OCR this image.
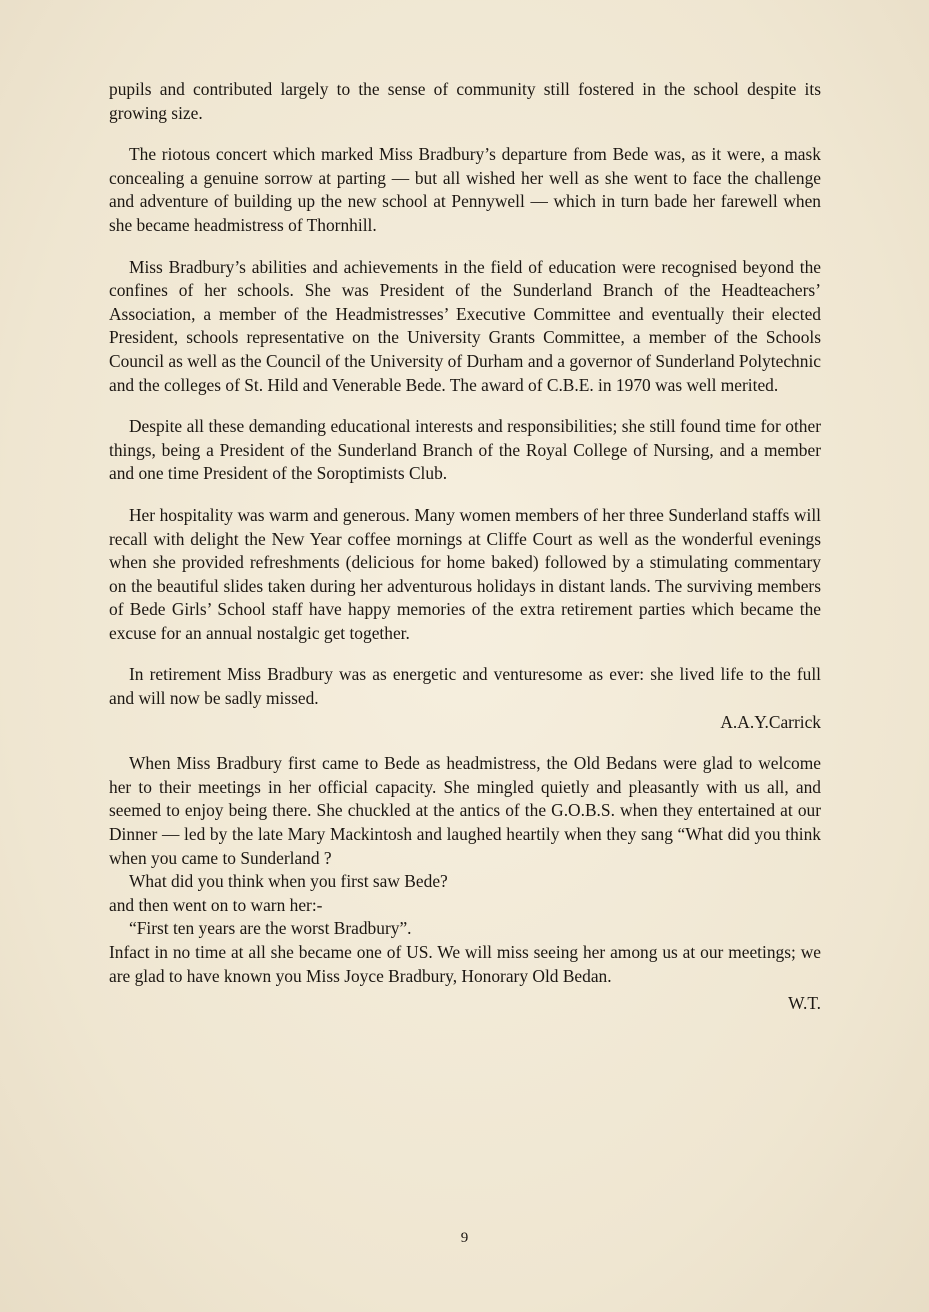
pupils and contributed largely to the sense of community still fostered in the school despite its growing size.

The riotous concert which marked Miss Bradbury’s departure from Bede was, as it were, a mask concealing a genuine sorrow at parting — but all wished her well as she went to face the challenge and adventure of building up the new school at Pennywell — which in turn bade her farewell when she became headmistress of Thornhill.

Miss Bradbury’s abilities and achievements in the field of education were recognised beyond the confines of her schools. She was President of the Sunderland Branch of the Headteachers’ Association, a member of the Headmistresses’ Executive Committee and eventually their elected President, schools representative on the University Grants Committee, a member of the Schools Council as well as the Council of the University of Durham and a governor of Sunderland Polytechnic and the colleges of St. Hild and Venerable Bede. The award of C.B.E. in 1970 was well merited.

Despite all these demanding educational interests and responsibilities; she still found time for other things, being a President of the Sunderland Branch of the Royal College of Nursing, and a member and one time President of the Soroptimists Club.

Her hospitality was warm and generous. Many women members of her three Sunderland staffs will recall with delight the New Year coffee mornings at Cliffe Court as well as the wonderful evenings when she provided refreshments (delicious for home baked) followed by a stimulating commentary on the beautiful slides taken during her adventurous holidays in distant lands. The surviving members of Bede Girls’ School staff have happy memories of the extra retirement parties which became the excuse for an annual nostalgic get together.

In retirement Miss Bradbury was as energetic and venturesome as ever: she lived life to the full and will now be sadly missed.

A.A.Y.Carrick

When Miss Bradbury first came to Bede as headmistress, the Old Bedans were glad to welcome her to their meetings in her official capacity. She mingled quietly and pleasantly with us all, and seemed to enjoy being there. She chuckled at the antics of the G.O.B.S. when they entertained at our Dinner — led by the late Mary Mackintosh and laughed heartily when they sang “What did you think when you came to Sunderland ?

What did you think when you first saw Bede?
and then went on to warn her:-
“First ten years are the worst Bradbury”.

Infact in no time at all she became one of US. We will miss seeing her among us at our meetings; we are glad to have known you Miss Joyce Bradbury, Honorary Old Bedan.

W.T.
9
